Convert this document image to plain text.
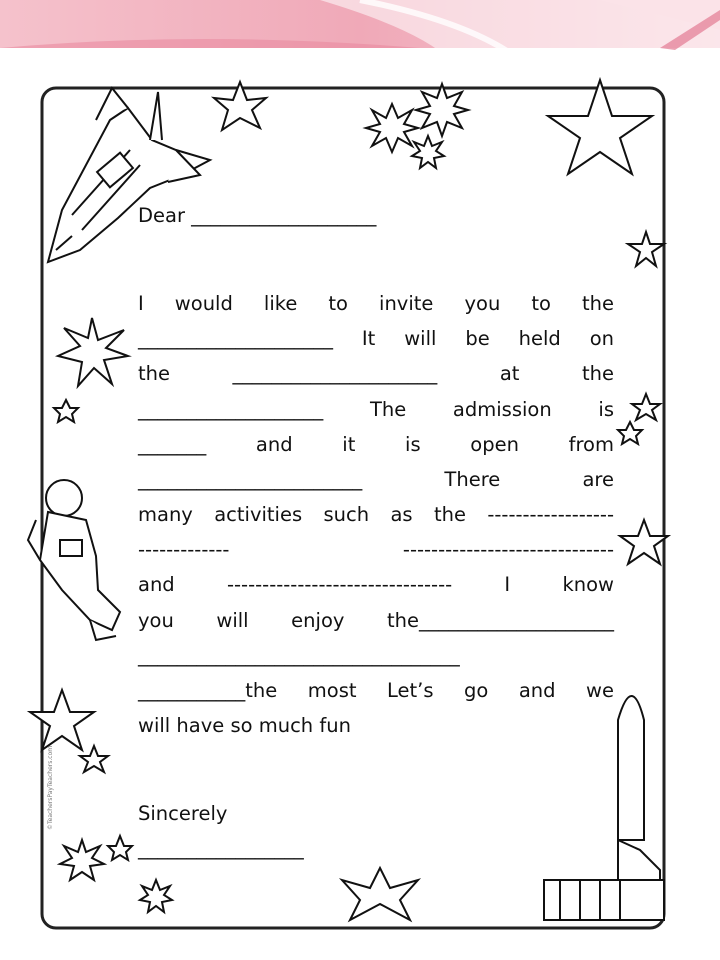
©TeachersPayTeachers.com
Dear ___________________
I would like to invite you to the
____________________ It will be held on
the _____________________ at the
___________________ The admission is
_______ and it is open from
_______________________ There are
many activities such as the ------------------
------------- ------------------------------
and -------------------------------- I know
you will enjoy the____________________
_________________________________
___________the most Let’s go and we
will have so much fun
Sincerely
_________________
